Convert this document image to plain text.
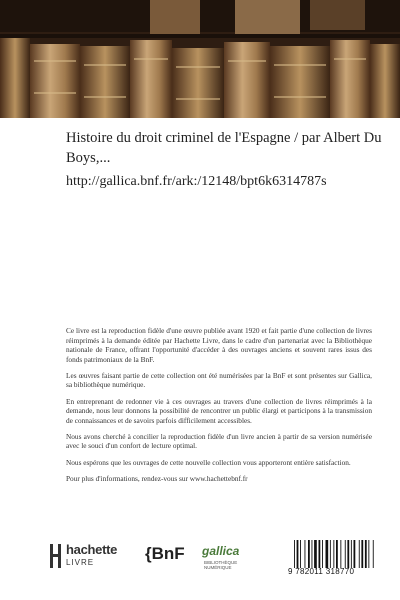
Histoire du droit criminel de l'Espagne / par Albert Du Boys,...
http://gallica.bnf.fr/ark:/12148/bpt6k6314787s

Ce livre est la reproduction fidèle d'une œuvre publiée avant 1920 et fait partie d'une collection de livres réimprimés à la demande éditée par Hachette Livre, dans le cadre d'un partenariat avec la Bibliothèque nationale de France, offrant l'opportunité d'accéder à des ouvrages anciens et souvent rares issus des fonds patrimoniaux de la BnF.

Les œuvres faisant partie de cette collection ont été numérisées par la BnF et sont présentes sur Gallica, sa bibliothèque numérique.

En entreprenant de redonner vie à ces ouvrages au travers d'une collection de livres réimprimés à la demande, nous leur donnons la possibilité de rencontrer un public élargi et participons à la transmission de connaissances et de savoirs parfois difficilement accessibles.

Nous avons cherché à concilier la reproduction fidèle d'un livre ancien à partir de sa version numérisée avec le souci d'un confort de lecture optimal.

Nous espérons que les ouvrages de cette nouvelle collection vous apporteront entière satisfaction.

Pour plus d'informations, rendez-vous sur www.hachettebnf.fr

hachette
LIVRE	{BnF gallica
BIBLIOTHÈQUE NUMÉRIQUE	9 782011 318770
